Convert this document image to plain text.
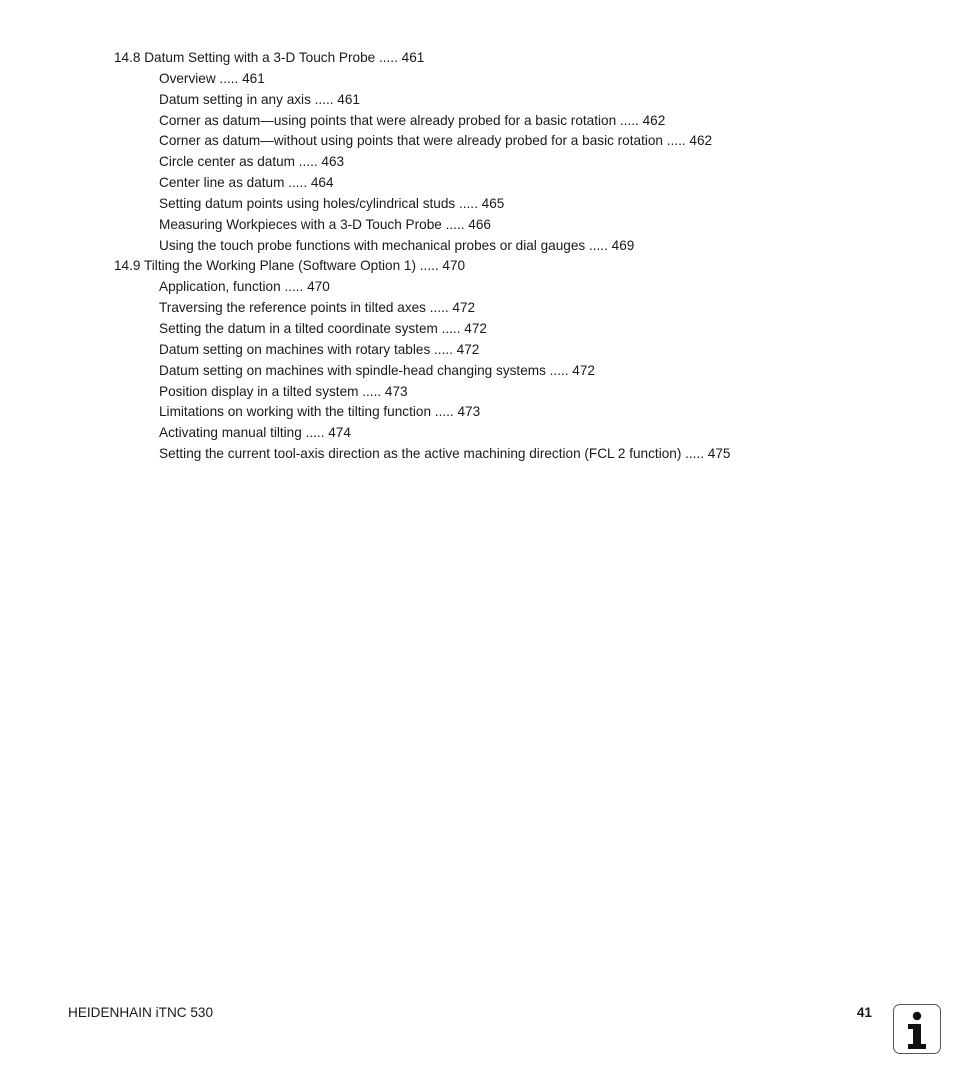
14.8 Datum Setting with a 3-D Touch Probe ..... 461
Overview ..... 461
Datum setting in any axis ..... 461
Corner as datum—using points that were already probed for a basic rotation ..... 462
Corner as datum—without using points that were already probed for a basic rotation ..... 462
Circle center as datum ..... 463
Center line as datum ..... 464
Setting datum points using holes/cylindrical studs ..... 465
Measuring Workpieces with a 3-D Touch Probe ..... 466
Using the touch probe functions with mechanical probes or dial gauges ..... 469
14.9 Tilting the Working Plane (Software Option 1) ..... 470
Application, function ..... 470
Traversing the reference points in tilted axes ..... 472
Setting the datum in a tilted coordinate system ..... 472
Datum setting on machines with rotary tables ..... 472
Datum setting on machines with spindle-head changing systems ..... 472
Position display in a tilted system ..... 473
Limitations on working with the tilting function ..... 473
Activating manual tilting ..... 474
Setting the current tool-axis direction as the active machining direction (FCL 2 function) ..... 475
HEIDENHAIN iTNC 530	41
